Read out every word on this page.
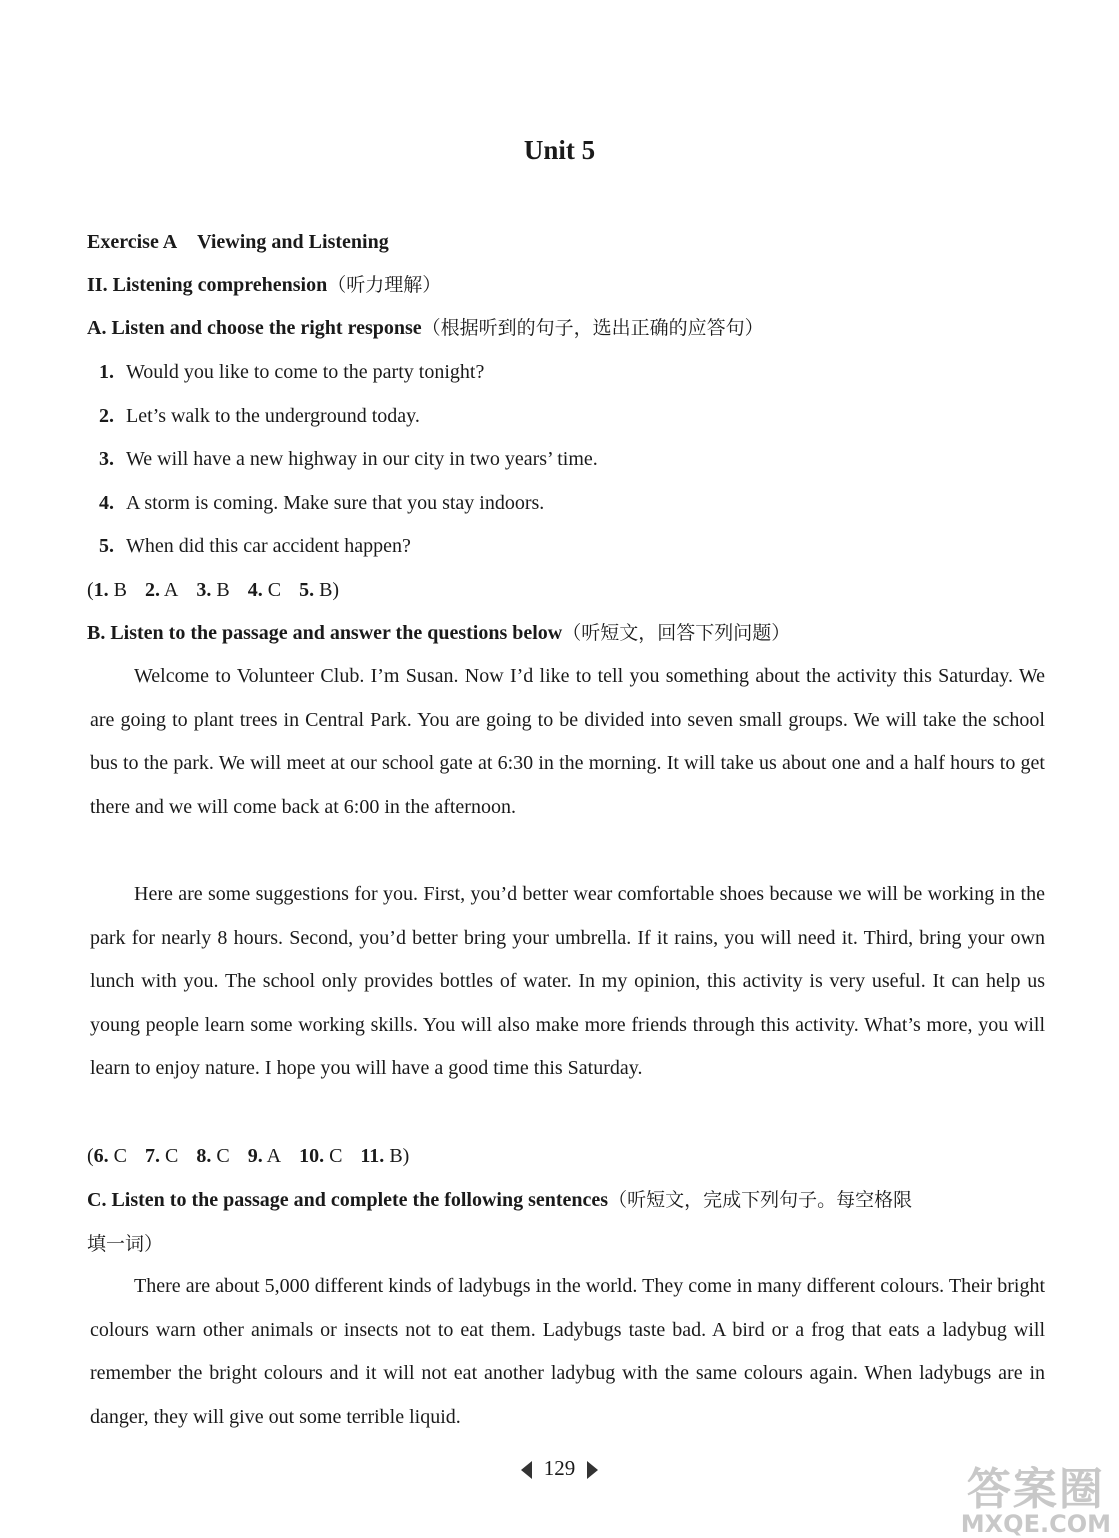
Unit 5
Exercise A Viewing and Listening
II. Listening comprehension（听力理解）
A. Listen and choose the right response（根据听到的句子，选出正确的应答句）
1. Would you like to come to the party tonight?
2. Let’s walk to the underground today.
3. We will have a new highway in our city in two years’ time.
4. A storm is coming. Make sure that you stay indoors.
5. When did this car accident happen?
(1. B 2. A 3. B 4. C 5. B)
B. Listen to the passage and answer the questions below（听短文，回答下列问题）
Welcome to Volunteer Club. I’m Susan. Now I’d like to tell you something about the activity this Saturday. We are going to plant trees in Central Park. You are going to be divided into seven small groups. We will take the school bus to the park. We will meet at our school gate at 6:30 in the morning. It will take us about one and a half hours to get there and we will come back at 6:00 in the afternoon.
Here are some suggestions for you. First, you’d better wear comfortable shoes because we will be working in the park for nearly 8 hours. Second, you’d better bring your umbrella. If it rains, you will need it. Third, bring your own lunch with you. The school only provides bottles of water. In my opinion, this activity is very useful. It can help us young people learn some working skills. You will also make more friends through this activity. What’s more, you will learn to enjoy nature. I hope you will have a good time this Saturday.
(6. C 7. C 8. C 9. A 10. C 11. B)
C. Listen to the passage and complete the following sentences（听短文，完成下列句子。每空格限
填一词）
There are about 5,000 different kinds of ladybugs in the world. They come in many different colours. Their bright colours warn other animals or insects not to eat them. Ladybugs taste bad. A bird or a frog that eats a ladybug will remember the bright colours and it will not eat another ladybug with the same colours again. When ladybugs are in danger, they will give out some terrible liquid.
129	答案圈
MXQE.COM
